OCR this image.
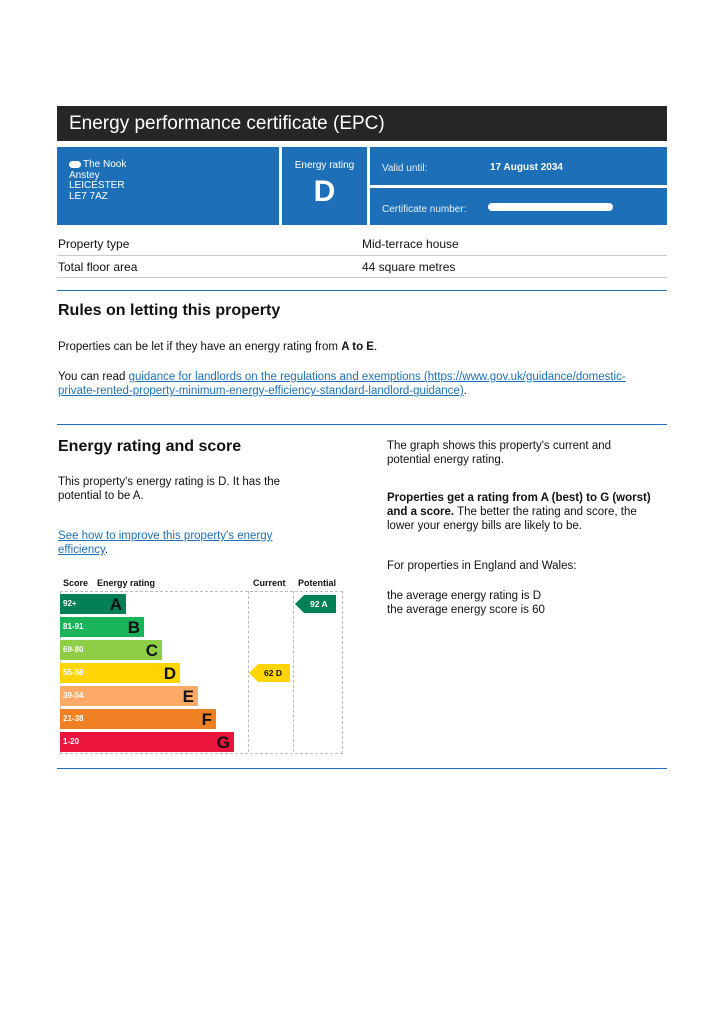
Energy performance certificate (EPC)
The Nook
Anstey
LEICESTER
LE7 7AZ
Energy rating
D
Valid until:	17 August 2034
Certificate number:
Property type	Mid-terrace house
Total floor area	44 square metres
Rules on letting this property
Properties can be let if they have an energy rating from A to E.
You can read guidance for landlords on the regulations and exemptions (https://www.gov.uk/guidance/domestic-
private-rented-property-minimum-energy-efficiency-standard-landlord-guidance).
Energy rating and score
This property's energy rating is D. It has the
potential to be A.
See how to improve this property's energy
efficiency.
The graph shows this property's current and
potential energy rating.
Properties get a rating from A (best) to G (worst)
and a score. The better the rating and score, the
lower your energy bills are likely to be.
For properties in England and Wales:
the average energy rating is D
the average energy score is 60
Score Energy rating	Current Potential
92+ A
81-91	B
69-80	C
55-68	D
39-54	E
21-38	F
1-20	G
62 D
92 A
